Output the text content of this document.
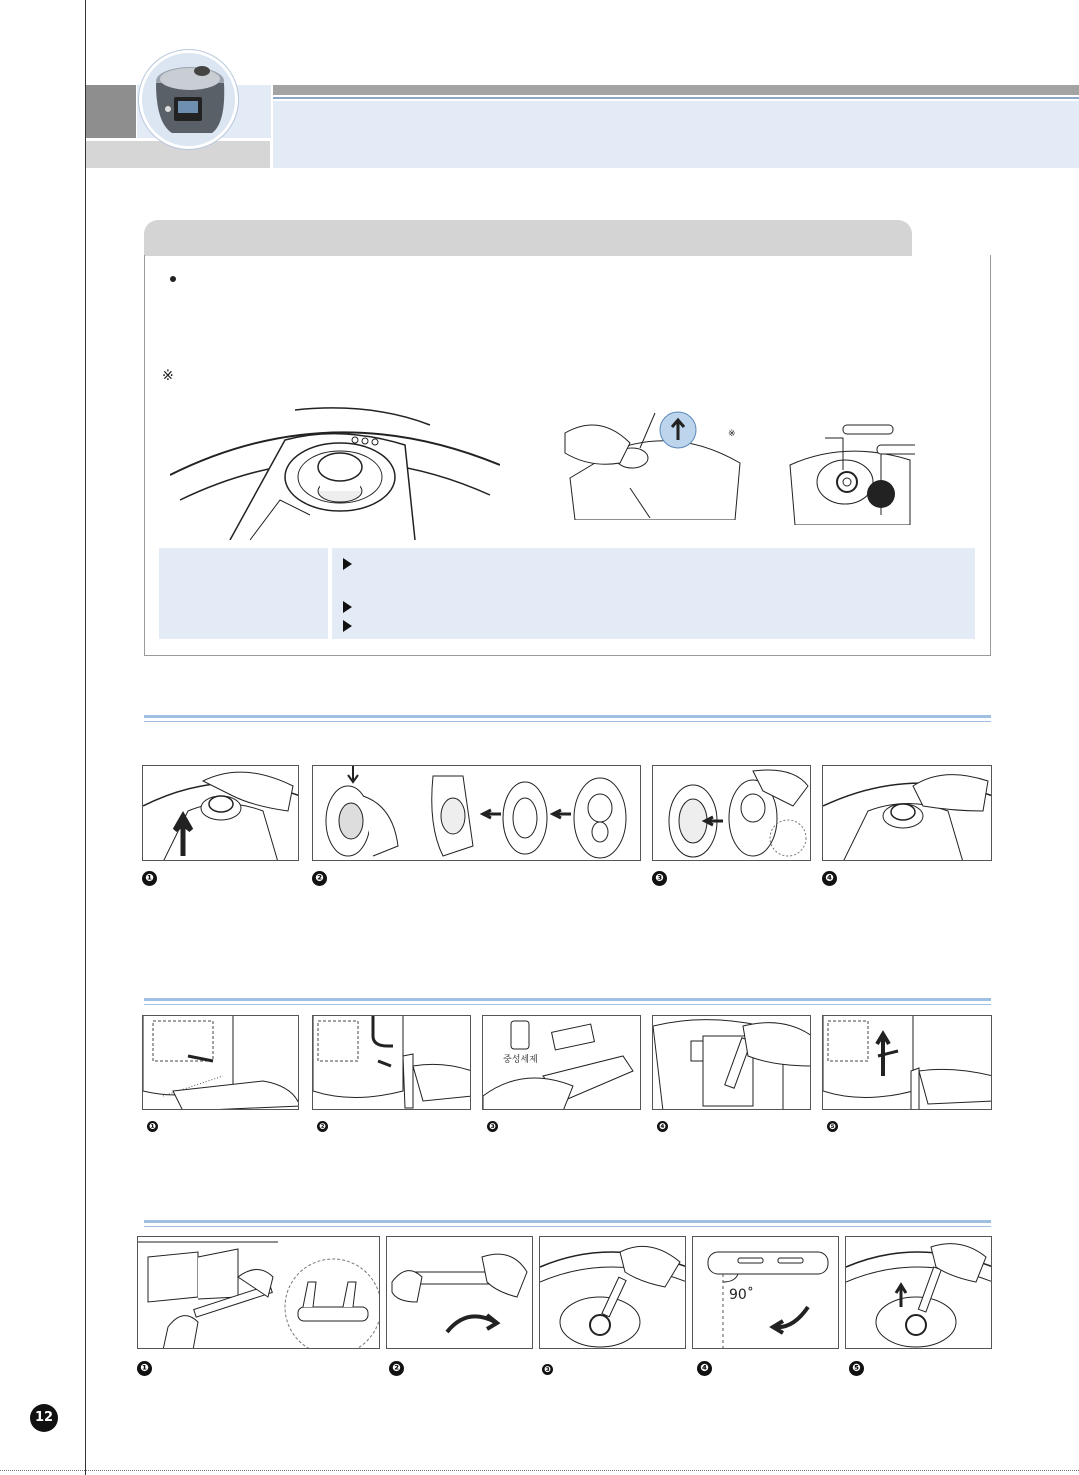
※
※
❶	❷	❸	❹
중성세제
❶	❷	❸	❹	❺
90˚
❶	❷	❸	❹	❺
12
